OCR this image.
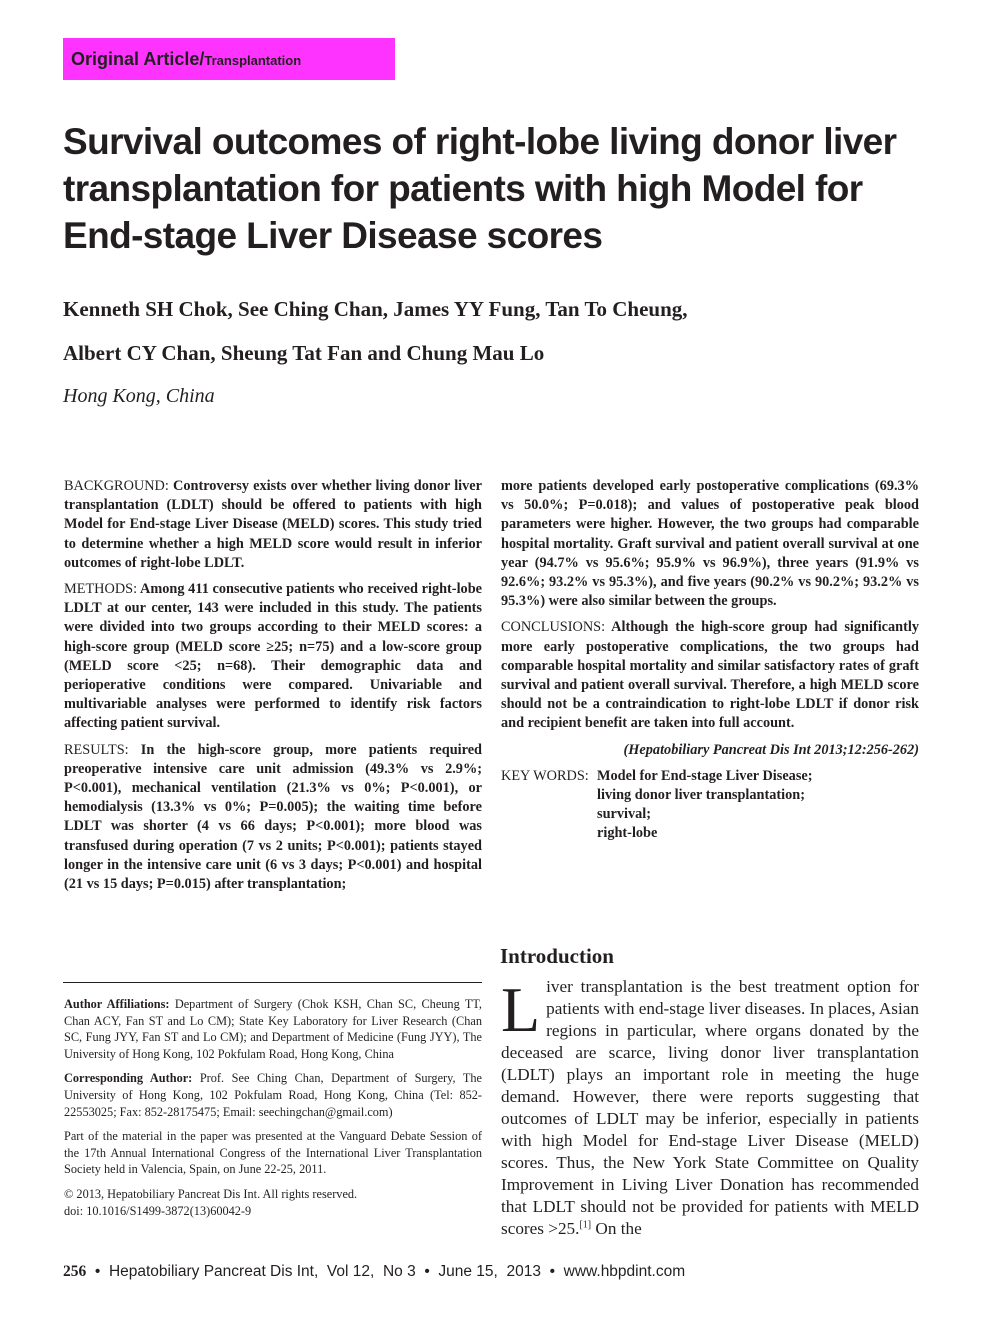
Original Article/Transplantation
Survival outcomes of right-lobe living donor liver transplantation for patients with high Model for End-stage Liver Disease scores
Kenneth SH Chok, See Ching Chan, James YY Fung, Tan To Cheung,
Albert CY Chan, Sheung Tat Fan and Chung Mau Lo
Hong Kong, China

BACKGROUND: Controversy exists over whether living donor liver transplantation (LDLT) should be offered to patients with high Model for End-stage Liver Disease (MELD) scores. This study tried to determine whether a high MELD score would result in inferior outcomes of right-lobe LDLT.

METHODS: Among 411 consecutive patients who received right-lobe LDLT at our center, 143 were included in this study. The patients were divided into two groups according to their MELD scores: a high-score group (MELD score ≥25; n=75) and a low-score group (MELD score <25; n=68). Their demographic data and perioperative conditions were compared. Univariable and multivariable analyses were performed to identify risk factors affecting patient survival.

RESULTS: In the high-score group, more patients required preoperative intensive care unit admission (49.3% vs 2.9%; P<0.001), mechanical ventilation (21.3% vs 0%; P<0.001), or hemodialysis (13.3% vs 0%; P=0.005); the waiting time before LDLT was shorter (4 vs 66 days; P<0.001); more blood was transfused during operation (7 vs 2 units; P<0.001); patients stayed longer in the intensive care unit (6 vs 3 days; P<0.001) and hospital (21 vs 15 days; P=0.015) after transplantation;

more patients developed early postoperative complications (69.3% vs 50.0%; P=0.018); and values of postoperative peak blood parameters were higher. However, the two groups had comparable hospital mortality. Graft survival and patient overall survival at one year (94.7% vs 95.6%; 95.9% vs 96.9%), three years (91.9% vs 92.6%; 93.2% vs 95.3%), and five years (90.2% vs 90.2%; 93.2% vs 95.3%) were also similar between the groups.

CONCLUSIONS: Although the high-score group had significantly more early postoperative complications, the two groups had comparable hospital mortality and similar satisfactory rates of graft survival and patient overall survival. Therefore, a high MELD score should not be a contraindication to right-lobe LDLT if donor risk and recipient benefit are taken into full account.

(Hepatobiliary Pancreat Dis Int 2013;12:256-262)

KEY WORDS: Model for End-stage Liver Disease;
living donor liver transplantation;
survival;
right-lobe

Author Affiliations: Department of Surgery (Chok KSH, Chan SC, Cheung TT, Chan ACY, Fan ST and Lo CM); State Key Laboratory for Liver Research (Chan SC, Fung JYY, Fan ST and Lo CM); and Department of Medicine (Fung JYY), The University of Hong Kong, 102 Pokfulam Road, Hong Kong, China

Corresponding Author: Prof. See Ching Chan, Department of Surgery, The University of Hong Kong, 102 Pokfulam Road, Hong Kong, China (Tel: 852-22553025; Fax: 852-28175475; Email: seechingchan@gmail.com)

Part of the material in the paper was presented at the Vanguard Debate Session of the 17th Annual International Congress of the International Liver Transplantation Society held in Valencia, Spain, on June 22-25, 2011.

© 2013, Hepatobiliary Pancreat Dis Int. All rights reserved.
doi: 10.1016/S1499-3872(13)60042-9

Introduction

Liver transplantation is the best treatment option for patients with end-stage liver diseases. In places, Asian regions in particular, where organs donated by the deceased are scarce, living donor liver transplantation (LDLT) plays an important role in meeting the huge demand. However, there were reports suggesting that outcomes of LDLT may be inferior, especially in patients with high Model for End-stage Liver Disease (MELD) scores. Thus, the New York State Committee on Quality Improvement in Living Liver Donation has recommended that LDLT should not be provided for patients with MELD scores >25.[1] On the

256 • Hepatobiliary Pancreat Dis Int, Vol 12, No 3 • June 15, 2013 • www.hbpdint.com
